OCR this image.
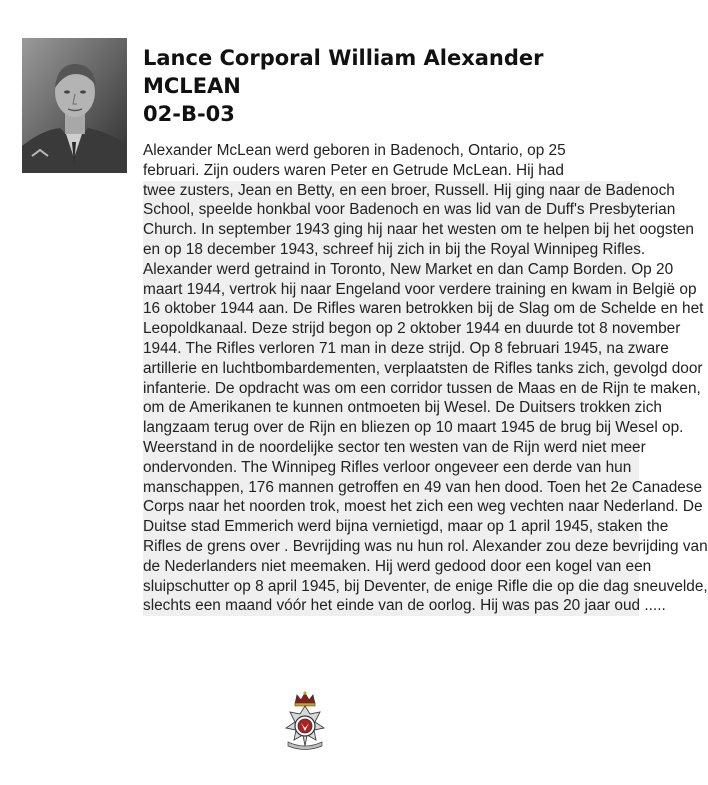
Lance Corporal William Alexander
MCLEAN
02-B-03
Alexander McLean werd geboren in Badenoch, Ontario, op 25
februari. Zijn ouders waren Peter en Getrude McLean. Hij had
twee zusters, Jean en Betty, en een broer, Russell. Hij ging naar de Badenoch
School, speelde honkbal voor Badenoch en was lid van de Duff's Presbyterian
Church. In september 1943 ging hij naar het westen om te helpen bij het oogsten
en op 18 december 1943, schreef hij zich in bij the Royal Winnipeg Rifles.
Alexander werd getraind in Toronto, New Market en dan Camp Borden. Op 20
maart 1944, vertrok hij naar Engeland voor verdere training en kwam in België op
16 oktober 1944 aan. De Rifles waren betrokken bij de Slag om de Schelde en het
Leopoldkanaal. Deze strijd begon op 2 oktober 1944 en duurde tot 8 november
1944. The Rifles verloren 71 man in deze strijd. Op 8 februari 1945, na zware
artillerie en luchtbombardementen, verplaatsten de Rifles tanks zich, gevolgd door
infanterie. De opdracht was om een corridor tussen de Maas en de Rijn te maken,
om de Amerikanen te kunnen ontmoeten bij Wesel. De Duitsers trokken zich
langzaam terug over de Rijn en bliezen op 10 maart 1945 de brug bij Wesel op.
Weerstand in de noordelijke sector ten westen van de Rijn werd niet meer
ondervonden. The Winnipeg Rifles verloor ongeveer een derde van hun
manschappen, 176 mannen getroffen en 49 van hen dood. Toen het 2e Canadese
Corps naar het noorden trok, moest het zich een weg vechten naar Nederland. De
Duitse stad Emmerich werd bijna vernietigd, maar op 1 april 1945, staken the
Rifles de grens over . Bevrijding was nu hun rol. Alexander zou deze bevrijding van
de Nederlanders niet meemaken. Hij werd gedood door een kogel van een
sluipschutter op 8 april 1945, bij Deventer, de enige Rifle die op die dag sneuvelde,
slechts een maand vóór het einde van de oorlog. Hij was pas 20 jaar oud .....
